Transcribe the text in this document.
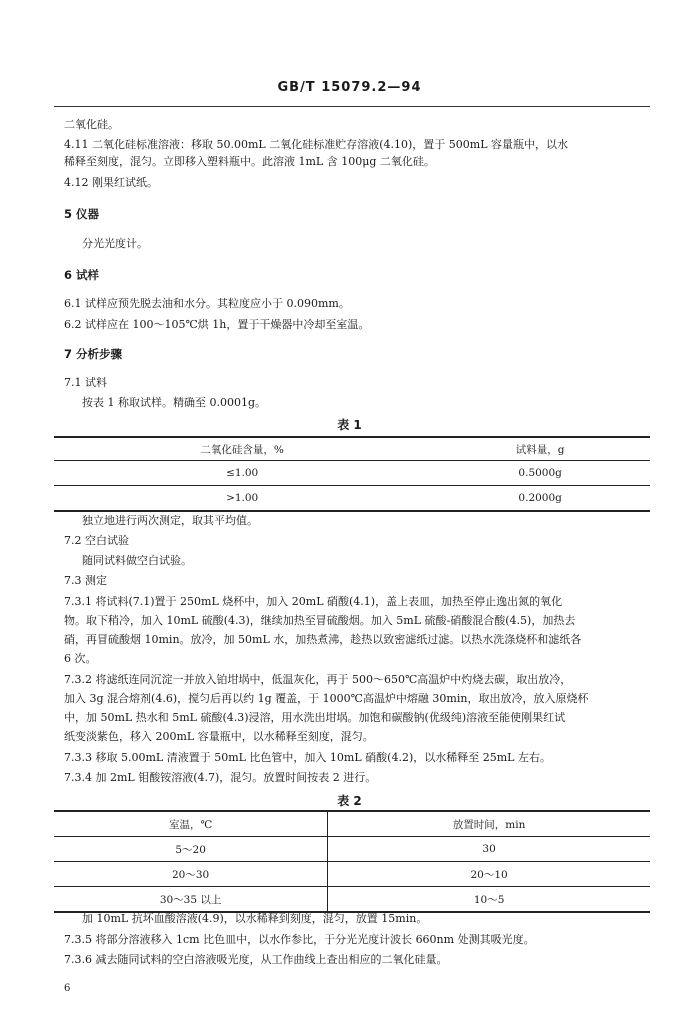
GB/T 15079.2—94
二氧化硅。
4.11 二氧化硅标准溶液：移取 50.00mL 二氧化硅标准贮存溶液(4.10)，置于 500mL 容量瓶中，以水
稀释至刻度，混匀。立即移入塑料瓶中。此溶液 1mL 含 100μg 二氧化硅。
4.12 刚果红试纸。
5 仪器
分光光度计。
6 试样
6.1 试样应预先脱去油和水分。其粒度应小于 0.090mm。
6.2 试样应在 100～105℃烘 1h，置于干燥器中冷却至室温。
7 分析步骤
7.1 试料
按表 1 称取试样。精确至 0.0001g。
表 1
二氧化硅含量，%	试料量，g
≤1.00	0.5000g
>1.00	0.2000g
独立地进行两次测定，取其平均值。
7.2 空白试验
随同试料做空白试验。
7.3 测定
7.3.1 将试料(7.1)置于 250mL 烧杯中，加入 20mL 硝酸(4.1)，盖上表皿，加热至停止逸出氮的氧化
物。取下稍冷，加入 10mL 硫酸(4.3)，继续加热至冒硫酸烟。加入 5mL 硫酸-硝酸混合酸(4.5)，加热去
硝，再冒硫酸烟 10min。放冷，加 50mL 水，加热煮沸，趁热以致密滤纸过滤。以热水洗涤烧杯和滤纸各
6 次。
7.3.2 将滤纸连同沉淀一并放入铂坩埚中，低温灰化，再于 500～650℃高温炉中灼烧去碳，取出放冷，
加入 3g 混合熔剂(4.6)，搅匀后再以约 1g 覆盖，于 1000℃高温炉中熔融 30min，取出放冷，放入原烧杯
中，加 50mL 热水和 5mL 硫酸(4.3)浸溶，用水洗出坩埚。加饱和碳酸钠(优级纯)溶液至能使刚果红试
纸变淡紫色，移入 200mL 容量瓶中，以水稀释至刻度，混匀。
7.3.3 移取 5.00mL 清液置于 50mL 比色管中，加入 10mL 硝酸(4.2)，以水稀释至 25mL 左右。
7.3.4 加 2mL 钼酸铵溶液(4.7)，混匀。放置时间按表 2 进行。
表 2
室温，℃	放置时间，min
5～20	30
20～30	20～10
30～35 以上	10～5
加 10mL 抗坏血酸溶液(4.9)，以水稀释到刻度，混匀，放置 15min。
7.3.5 将部分溶液移入 1cm 比色皿中，以水作参比，于分光光度计波长 660nm 处测其吸光度。
7.3.6 减去随同试料的空白溶液吸光度，从工作曲线上查出相应的二氧化硅量。
6
